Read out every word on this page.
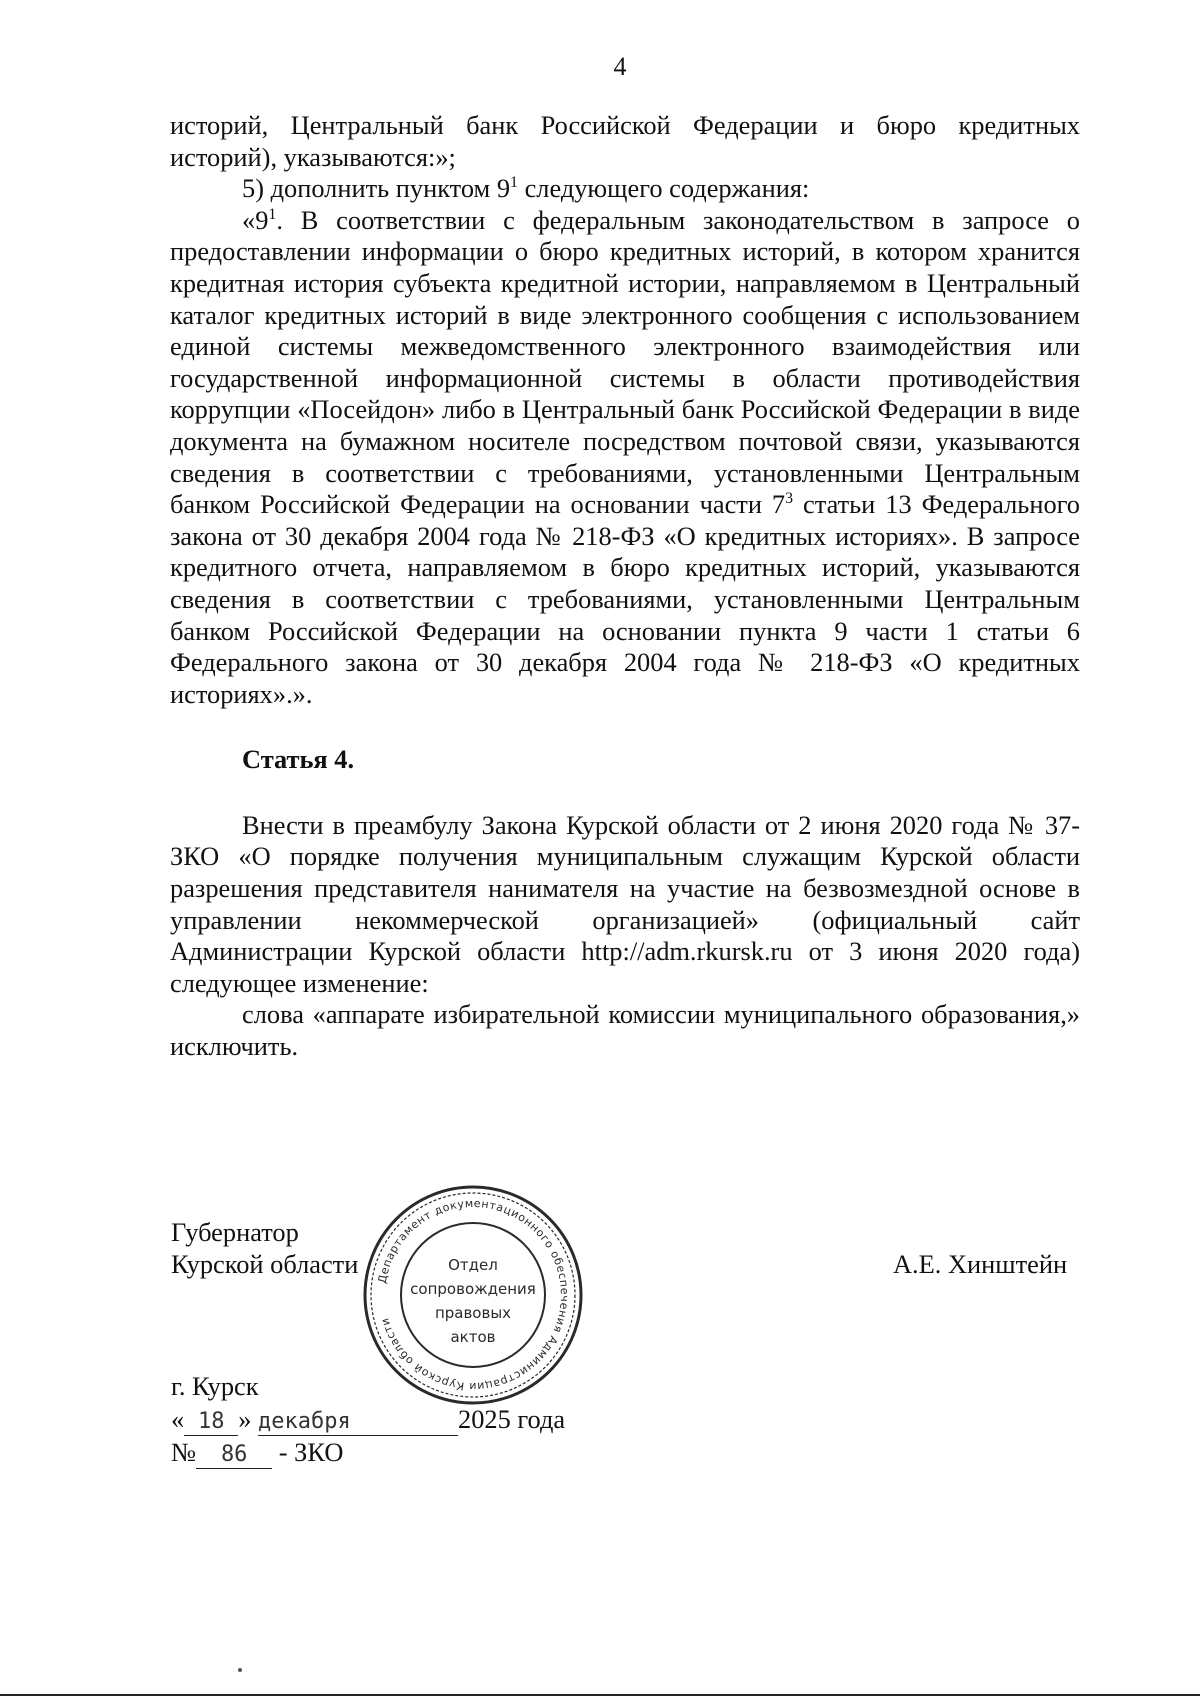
4

историй, Центральный банк Российской Федерации и бюро кредитных историй), указываются:»;

5) дополнить пунктом $9^1$ следующего содержания:

«$9^1$. В соответствии с федеральным законодательством в запросе о предоставлении информации о бюро кредитных историй, в котором хранится кредитная история субъекта кредитной истории, направляемом в Центральный каталог кредитных историй в виде электронного сообщения с использованием единой системы межведомственного электронного взаимодействия или государственной информационной системы в области противодействия коррупции «Посейдон» либо в Центральный банк Российской Федерации в виде документа на бумажном носителе посредством почтовой связи, указываются сведения в соответствии с требованиями, установленными Центральным банком Российской Федерации на основании части $7^3$ статьи 13 Федерального закона от 30 декабря 2004 года № 218-ФЗ «О кредитных историях». В запросе кредитного отчета, направляемом в бюро кредитных историй, указываются сведения в соответствии с требованиями, установленными Центральным банком Российской Федерации на основании пункта 9 части 1 статьи 6 Федерального закона от 30 декабря 2004 года № 218-ФЗ «О кредитных историях».».

Статья 4.

Внести в преамбулу Закона Курской области от 2 июня 2020 года № 37-ЗКО «О порядке получения муниципальным служащим Курской области разрешения представителя нанимателя на участие на безвозмездной основе в управлении некоммерческой организацией» (официальный сайт Администрации Курской области http://adm.rkursk.ru от 3 июня 2020 года) следующее изменение:

слова «аппарате избирательной комиссии муниципального образования,» исключить.

Губернатор
Курской области	А.Е. Хинштейн
Департамент документационного обеспечения Администрации Курской области
Отдел
сопровождения
правовых
актов
г. Курск
« 18 » декабря	2025 года
№ 86 - ЗКО
